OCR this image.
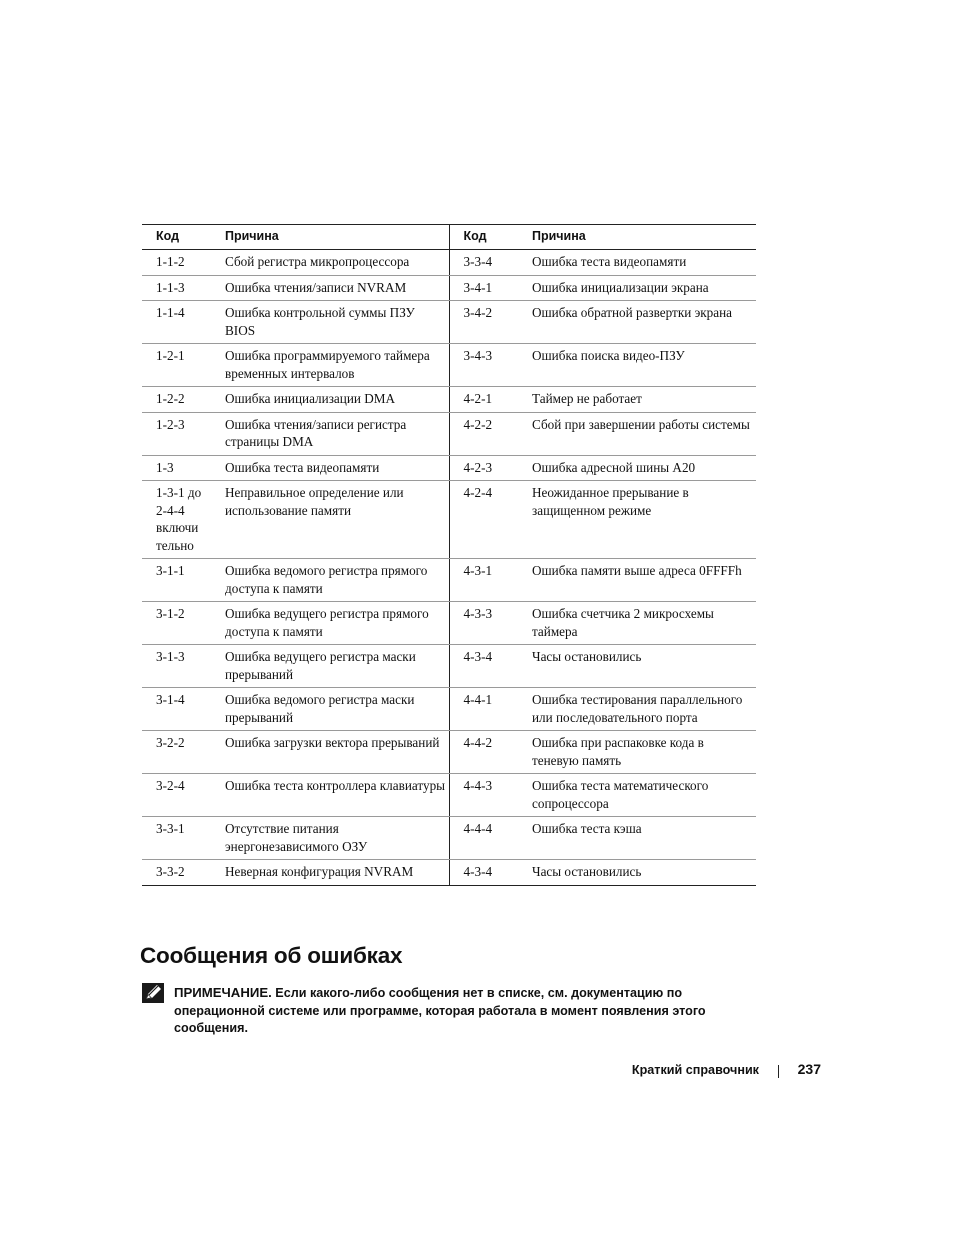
Код	Причина	Код	Причина
1-1-2	Сбой регистра микропроцессора	3-3-4	Ошибка теста видеопамяти
1-1-3	Ошибка чтения/записи NVRAM	3-4-1	Ошибка инициализации экрана
1-1-4	Ошибка контрольной суммы ПЗУ BIOS	3-4-2	Ошибка обратной развертки экрана
1-2-1	Ошибка программируемого таймера временных интервалов	3-4-3	Ошибка поиска видео-ПЗУ
1-2-2	Ошибка инициализации DMA	4-2-1	Таймер не работает
1-2-3	Ошибка чтения/записи регистра страницы DMA	4-2-2	Сбой при завершении работы системы
1-3	Ошибка теста видеопамяти	4-2-3	Ошибка адресной шины A20
1-3-1 до 2-4-4 включи тельно	Неправильное определение или использование памяти	4-2-4	Неожиданное прерывание в защищенном режиме
3-1-1	Ошибка ведомого регистра прямого доступа к памяти	4-3-1	Ошибка памяти выше адреса 0FFFFh
3-1-2	Ошибка ведущего регистра прямого доступа к памяти	4-3-3	Ошибка счетчика 2 микросхемы таймера
3-1-3	Ошибка ведущего регистра маски прерываний	4-3-4	Часы остановились
3-1-4	Ошибка ведомого регистра маски прерываний	4-4-1	Ошибка тестирования параллельного или последовательного порта
3-2-2	Ошибка загрузки вектора прерываний	4-4-2	Ошибка при распаковке кода в теневую память
3-2-4	Ошибка теста контроллера клавиатуры	4-4-3	Ошибка теста математического сопроцессора
3-3-1	Отсутствие питания энергонезависимого ОЗУ	4-4-4	Ошибка теста кэша
3-3-2	Неверная конфигурация NVRAM	4-3-4	Часы остановились
Сообщения об ошибках
ПРИМЕЧАНИЕ. Если какого-либо сообщения нет в списке, см. документацию по операционной системе или программе, которая работала в момент появления этого сообщения.
Краткий справочник	237
